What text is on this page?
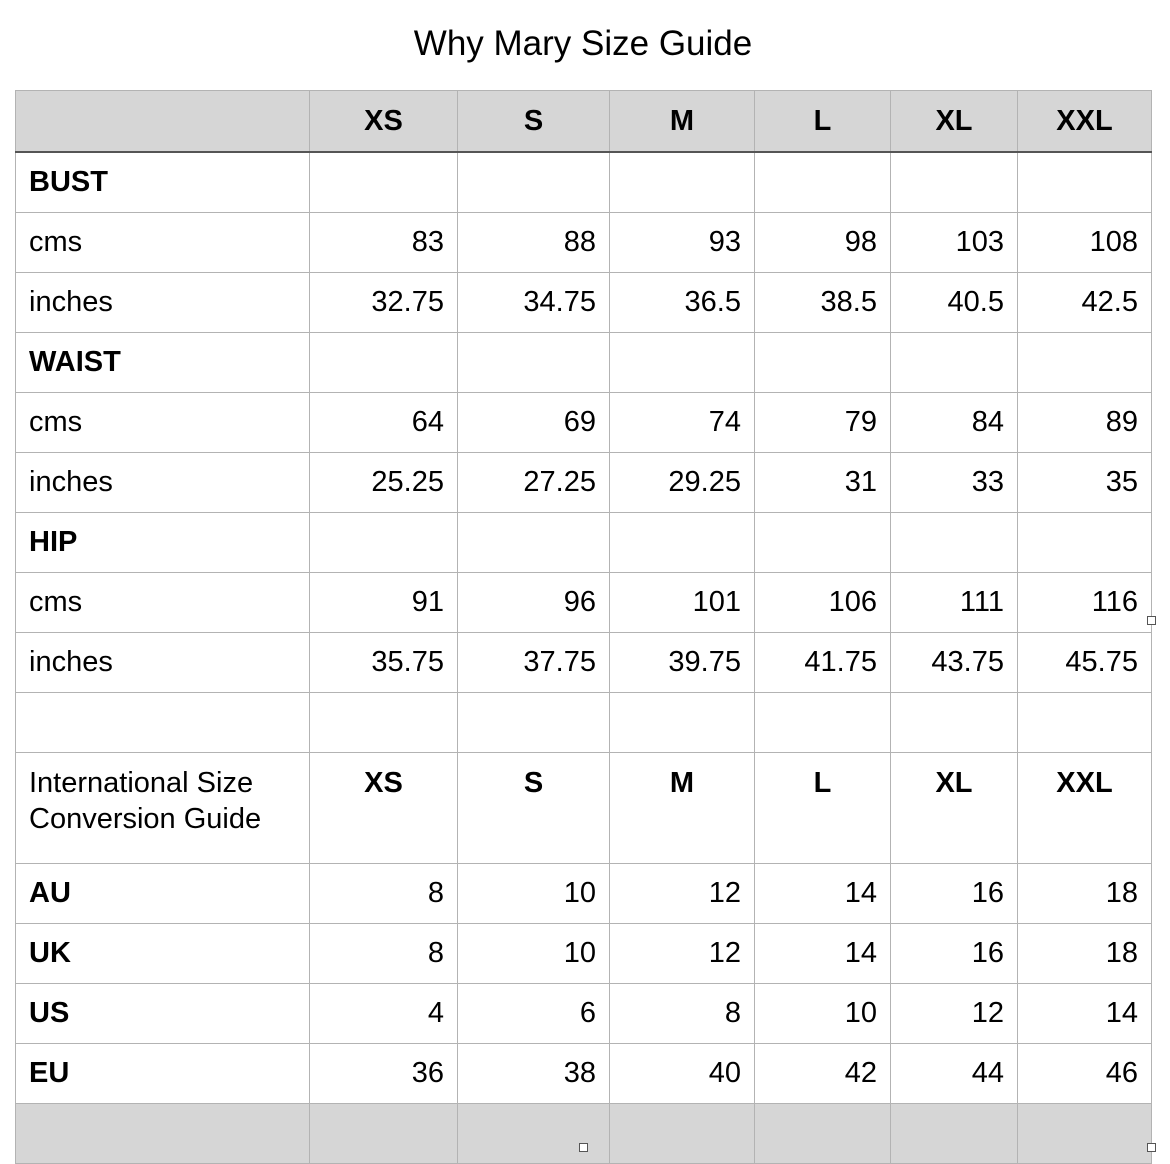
Why Mary Size Guide
	XS	S	M	L	XL	XXL
BUST						
cms	83	88	93	98	103	108
inches	32.75	34.75	36.5	38.5	40.5	42.5
WAIST						
cms	64	69	74	79	84	89
inches	25.25	27.25	29.25	31	33	35
HIP						
cms	91	96	101	106	111	116
inches	35.75	37.75	39.75	41.75	43.75	45.75

International Size Conversion Guide	XS	S	M	L	XL	XXL
AU	8	10	12	14	16	18
UK	8	10	12	14	16	18
US	4	6	8	10	12	14
EU	36	38	40	42	44	46
